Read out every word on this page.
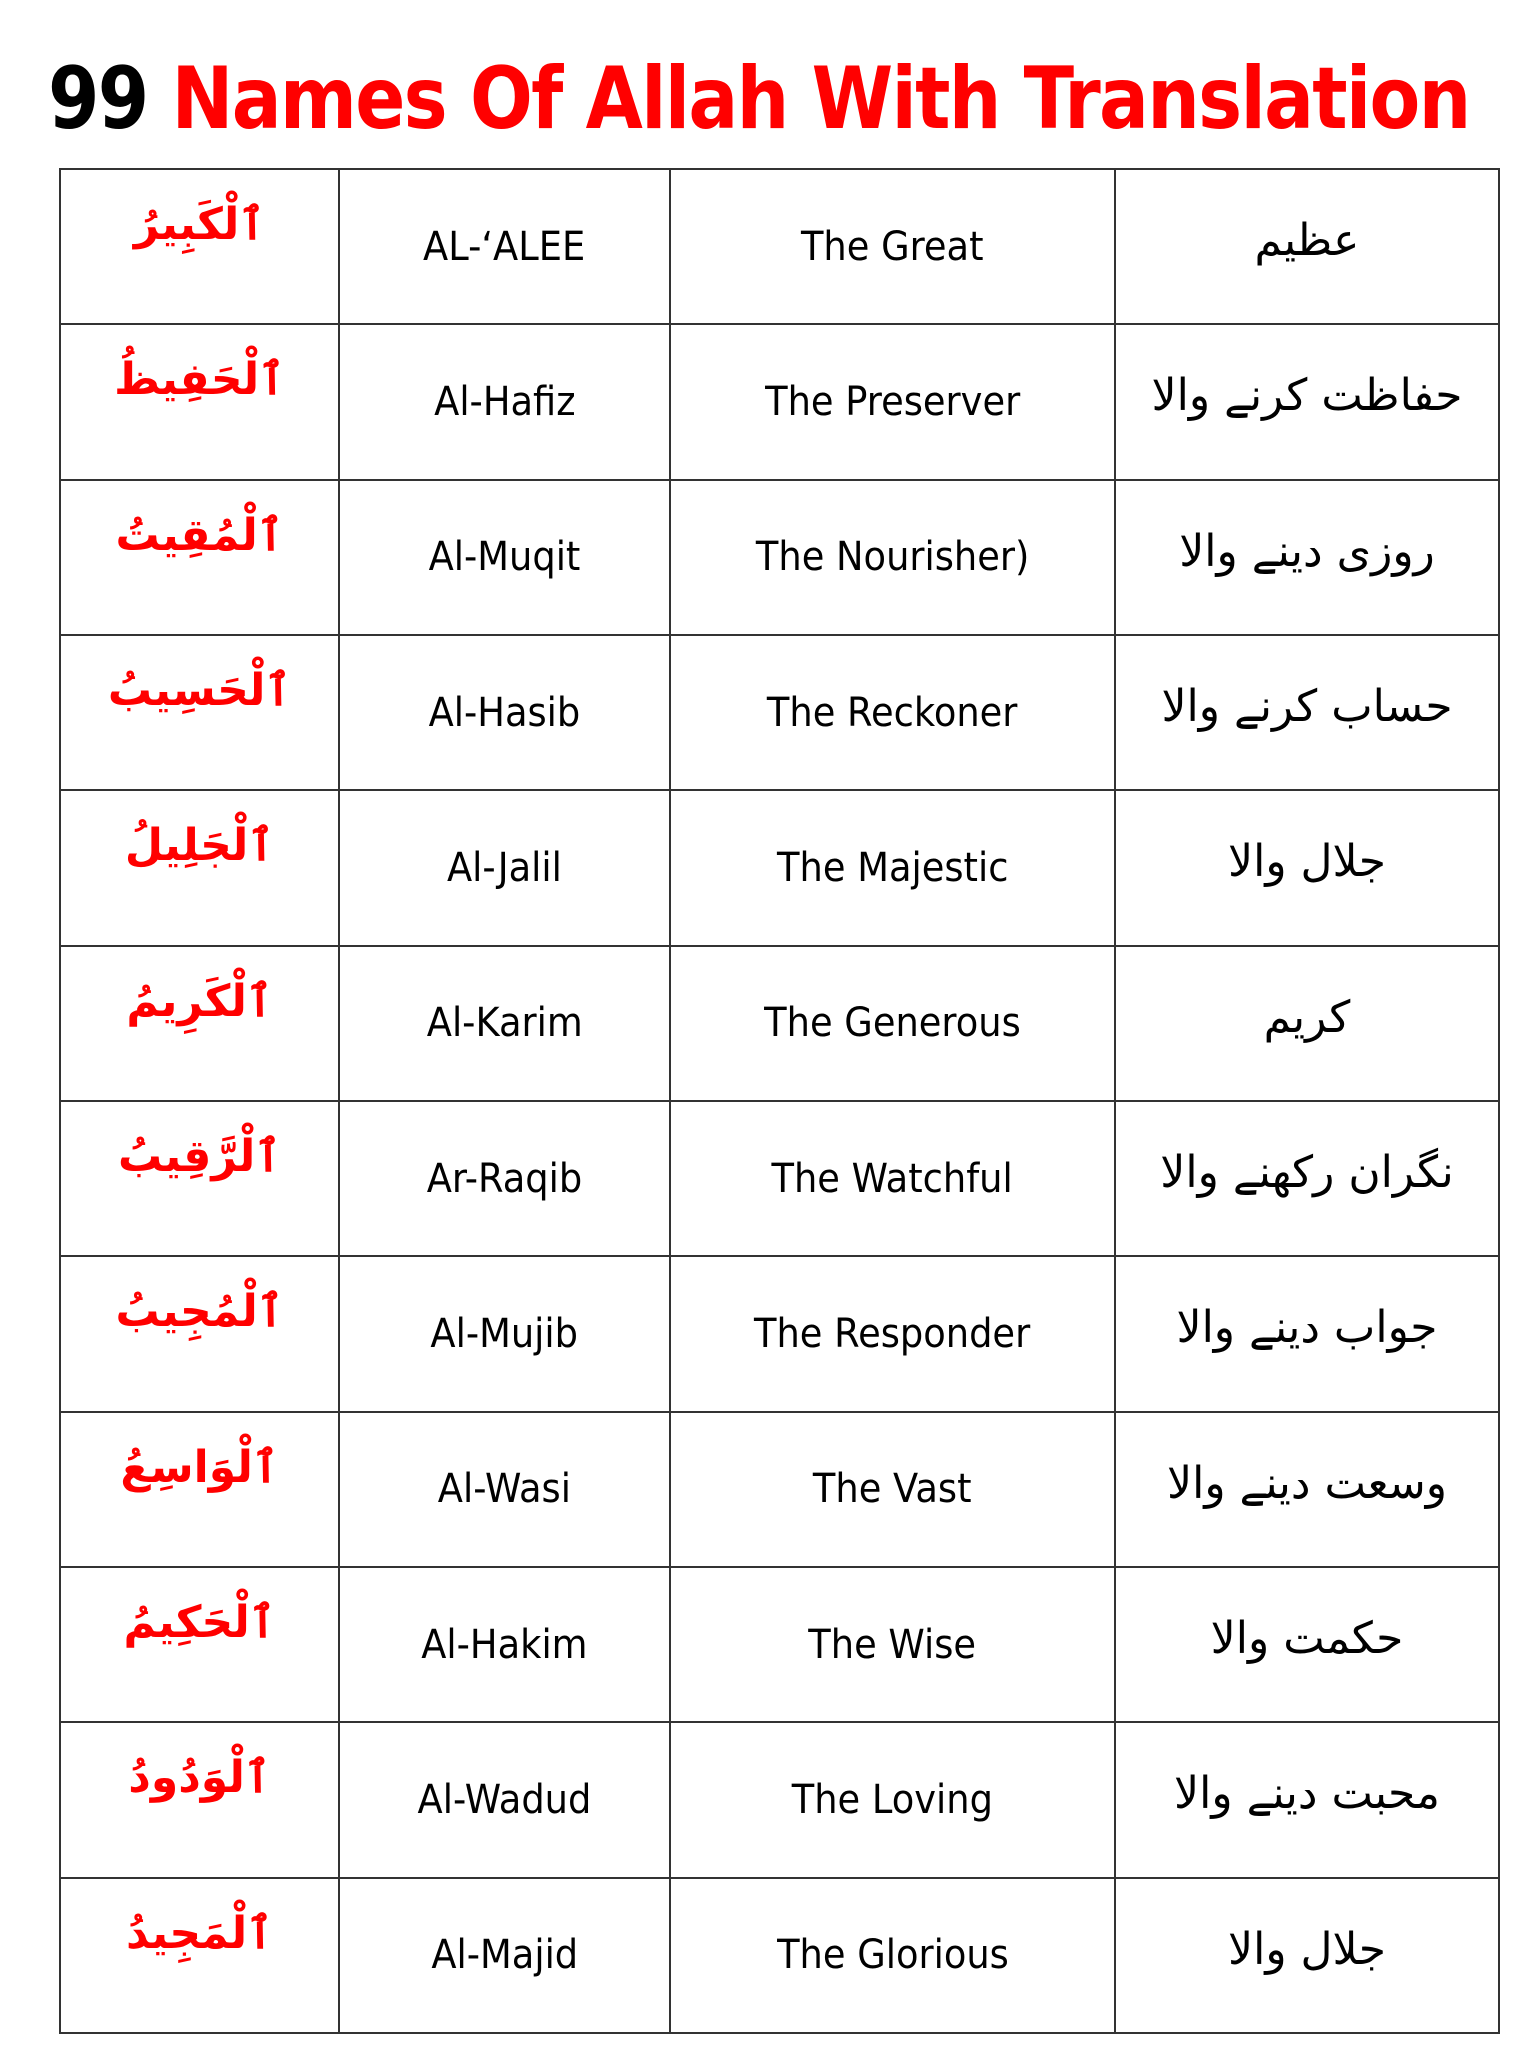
99 Names Of Allah With Translation
ٱلْكَبِيرُ	AL-‘ALEE	The Great	عظیم
ٱلْحَفِيظُ	Al-Hafiz	The Preserver	حفاظت کرنے والا
ٱلْمُقِيتُ	Al-Muqit	The Nourisher)	روزی دینے والا
ٱلْحَسِيبُ	Al-Hasib	The Reckoner	حساب کرنے والا
ٱلْجَلِيلُ	Al-Jalil	The Majestic	جلال والا
ٱلْكَرِيمُ	Al-Karim	The Generous	کریم
ٱلْرَّقِيبُ	Ar-Raqib	The Watchful	نگران رکھنے والا
ٱلْمُجِيبُ	Al-Mujib	The Responder	جواب دینے والا
ٱلْوَاسِعُ	Al-Wasi	The Vast	وسعت دینے والا
ٱلْحَكِيمُ	Al-Hakim	The Wise	حکمت والا
ٱلْوَدُودُ	Al-Wadud	The Loving	محبت دینے والا
ٱلْمَجِيدُ	Al-Majid	The Glorious	جلال والا
